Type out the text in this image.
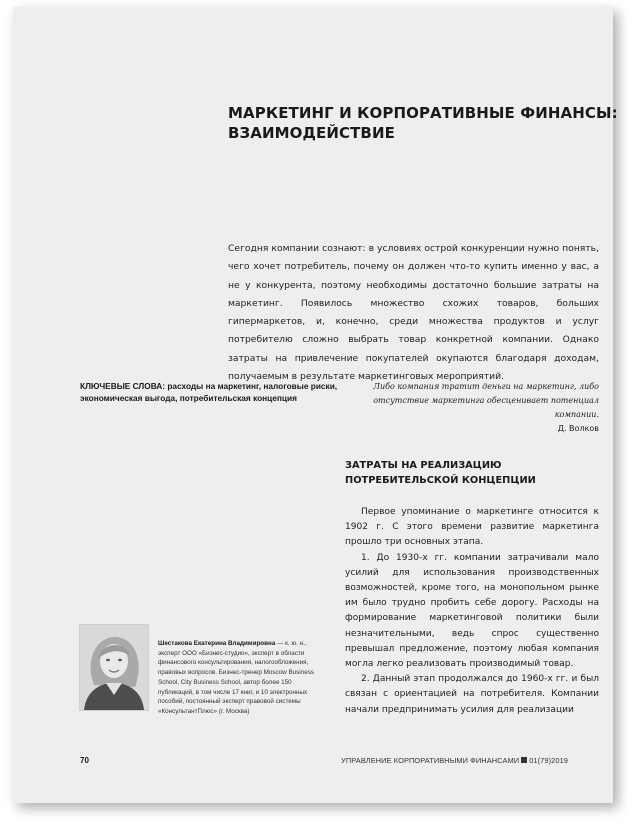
МАРКЕТИНГ И КОРПОРАТИВНЫЕ ФИНАНСЫ: ВЗАИМОДЕЙСТВИЕ

Сегодня компании сознают: в условиях острой конкуренции нужно понять, чего хочет потребитель, почему он должен что-то купить именно у вас, а не у конкурента, поэтому необходимы достаточно большие затраты на маркетинг. Появилось множество схожих товаров, больших гипермаркетов, и, конечно, среди множества продуктов и услуг потребителю сложно выбрать товар конкретной компании. Однако затраты на привлечение покупателей окупаются благодаря доходам, получаемым в результате маркетинговых мероприятий.

КЛЮЧЕВЫЕ СЛОВА: расходы на маркетинг, налоговые риски, экономическая выгода, потребительская концепция
Либо компания тратит деньги на маркетинг, либо отсутствие маркетинга обесценивает потенциал компании.
Д. Волков
ЗАТРАТЫ НА РЕАЛИЗАЦИЮ ПОТРЕБИТЕЛЬСКОЙ КОНЦЕПЦИИ

Первое упоминание о маркетинге относится к 1902 г. С этого времени развитие маркетинга прошло три основных этапа.

1. До 1930-х гг. компании затрачивали мало усилий для использования производственных возможностей, кроме того, на монопольном рынке им было трудно пробить себе дорогу. Расходы на формирование маркетинговой политики были незначительными, ведь спрос существенно превышал предложение, поэтому любая компания могла легко реализовать производимый товар.

2. Данный этап продолжался до 1960-х гг. и был связан с ориентацией на потребителя. Компании начали предпринимать усилия для реализации

Шестакова Екатерина Владимировна — к. ю. н., эксперт ООО «Бизнес-студио», эксперт в области финансового консультирования, налогообложения, правовых вопросов. Бизнес-тренер Moscow Business School, City Business School, автор более 150 публикаций, в том числе 17 книг, и 10 электронных пособий, постоянный эксперт правовой системы «КонсультантПлюс» (г. Москва)
70	УПРАВЛЕНИЕ КОРПОРАТИВНЫМИ ФИНАНСАМИ 01(79)2019
